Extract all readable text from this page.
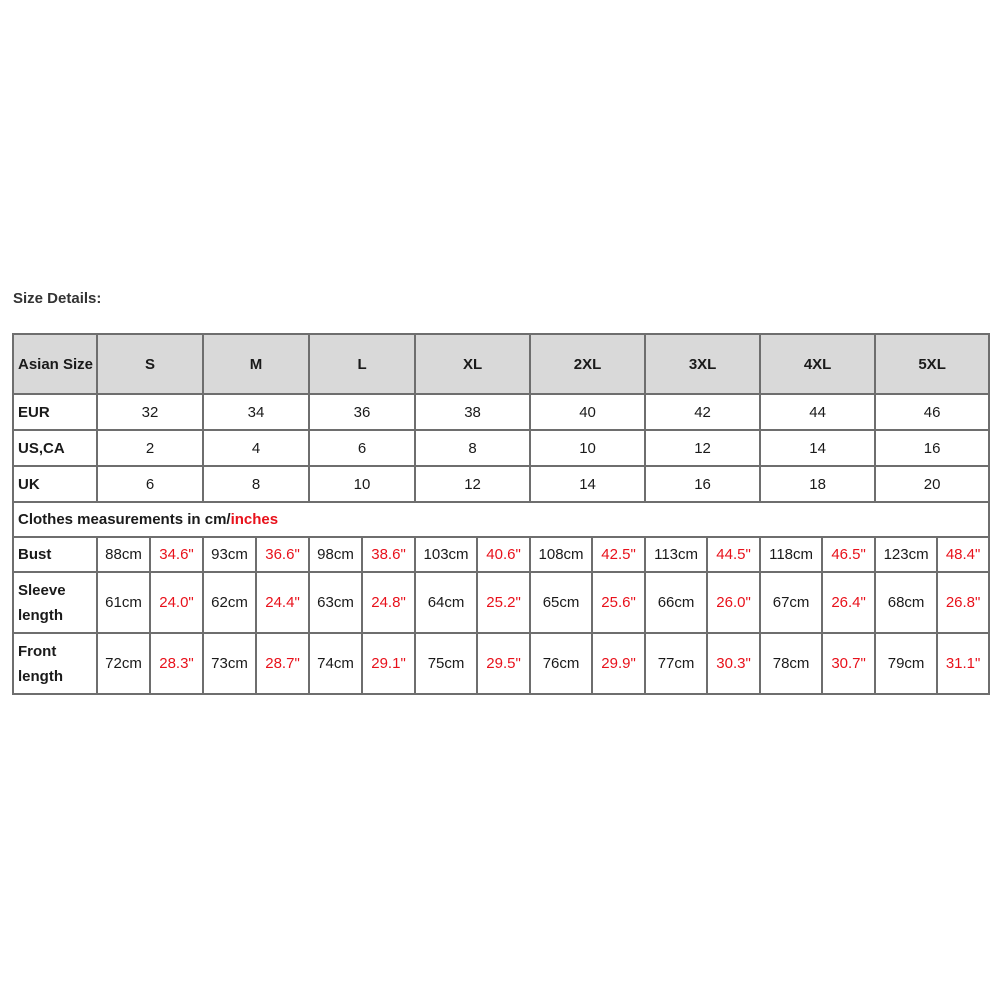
Size Details:
Asian Size	S		M		L		XL		2XL		3XL		4XL		5XL	
EUR	32		34		36		38		40		42		44		46	
US,CA	2		4		6		8		10		12		14		16	
UK	6		8		10		12		14		16		18		20	
Clothes measurements in cm/inches																
Bust	88cm	34.6"	93cm	36.6"	98cm	38.6"	103cm	40.6"	108cm	42.5"	113cm	44.5"	118cm	46.5"	123cm	48.4"
Sleeve length	61cm	24.0"	62cm	24.4"	63cm	24.8"	64cm	25.2"	65cm	25.6"	66cm	26.0"	67cm	26.4"	68cm	26.8"
Front length	72cm	28.3"	73cm	28.7"	74cm	29.1"	75cm	29.5"	76cm	29.9"	77cm	30.3"	78cm	30.7"	79cm	31.1"
